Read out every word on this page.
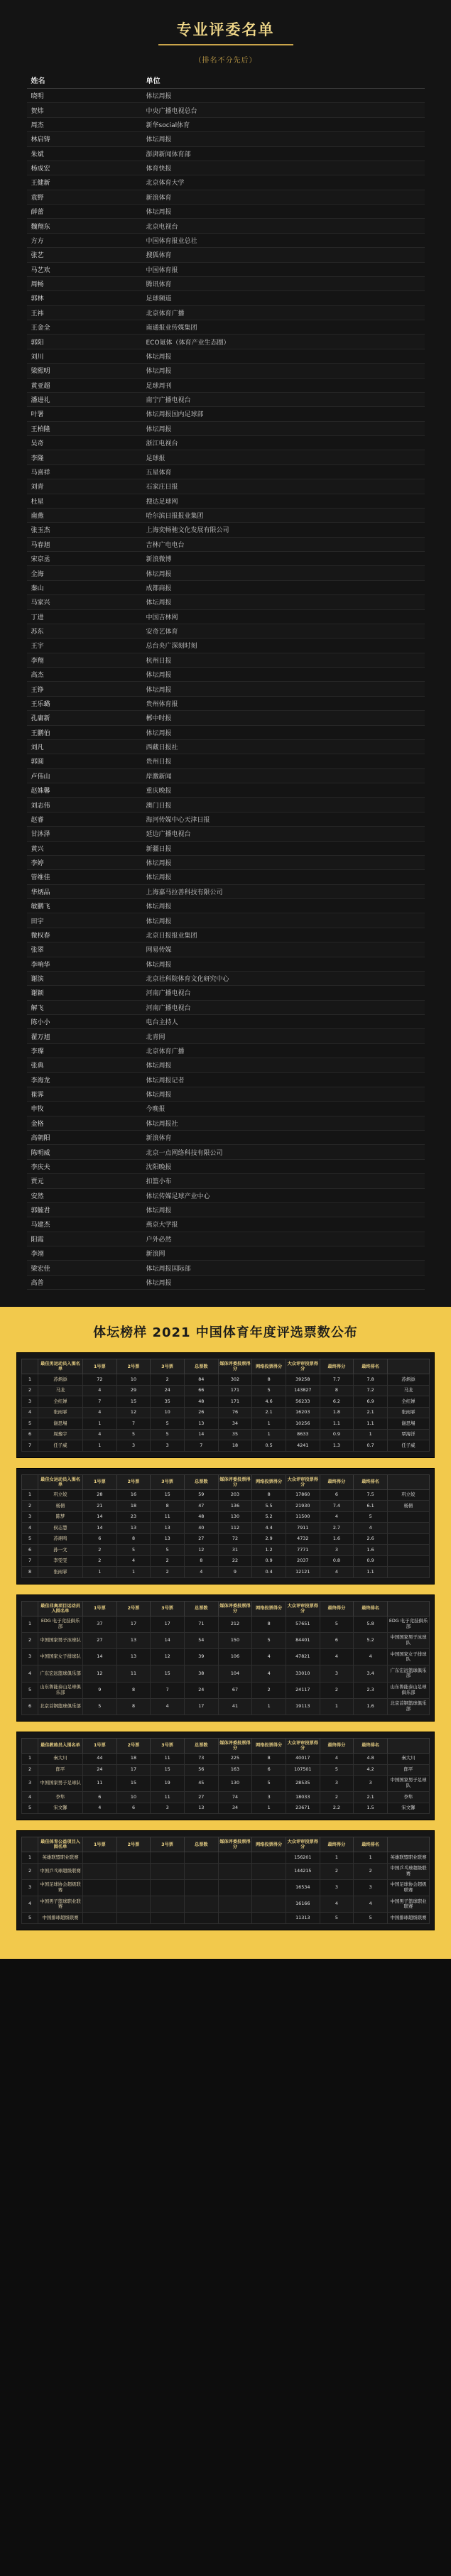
专业评委名单
（排名不分先后）
姓名	单位
晓明	体坛周报
贺炜	中央广播电视总台
周杰	新华social体育
林启铸	体坛周报
朱斌	澎湃新闻体育部
杨成宏	体育快报
王健新	北京体育大学
袁野	新浪体育
薛蕾	体坛周报
魏翔东	北京电视台
方方	中国体育报业总社
张艺	搜狐体育
马艺欢	中国体育报
周畅	腾讯体育
郭林	足球频道
王祎	北京体育广播
王金全	南通报业传媒集团
郭阳	ECO氪体（体育产业生态圈）
刘川	体坛周报
梁熙明	体坛周报
黄亚超	足球周刊
潘进礼	南宁广播电视台
叶署	体坛周报国内足球部
王柏隆	体坛周报
吴奇	浙江电视台
李隆	足球报
马喜祥	五星体育
刘青	石家庄日报
杜星	搜达足球网
南燕	哈尔滨日报报业集团
张玉杰	上海奕畅驰文化发展有限公司
马春旭	吉林广电电台
宋京丞	新浪微博
全海	体坛周报
秦山	成都商报
马家兴	体坛周报
丁进	中国吉林网
苏东	安奇艺体育
王宇	总台央广深刻时刻
李翔	杭州日报
高杰	体坛周报
王铮	体坛周报
王乐璐	贵州体育报
孔庸新	郴中时报
王鹏伯	体坛周报
刘凡	西藏日报社
郭圆	贵州日报
卢伟山	岸激新闻
赵姝馨	重庆晚报
刘志伟	澳门日报
赵睿	海河传媒中心天津日报
甘沐泽	延边广播电视台
黄兴	新疆日报
李婷	体坛周报
管维佳	体坛周报
华炳品	上海嘉马拉善科技有限公司
敏鹏飞	体坛周报
田宇	体坛周报
微权春	北京日报报业集团
张翠	网易传媒
李响华	体坛周报
谢滨	北京社科院体育文化研究中心
谢颖	河南广播电视台
解飞	河南广播电视台
陈小小	电台主持人
翟万旭	北青网
李璨	北京体育广播
张典	体坛周报
李海龙	体坛周报记者
崔霁	体坛周报
申牧	今晚报
金格	体坛周报社
高朝阳	新浪体育
陈明威	北京一点网络科技有限公司
李庆夫	沈阳晚报
贾元	扣篮小布
安然	体坛传媒足球产业中心
郭毓君	体坛周报
马建杰	燕京大学报
阳霞	户外必然
李翊	新浪网
梁宏佳	体坛周报国际部
高普	体坛周报
体坛榜样 2021 中国体育年度评选票数公布
	最佳男运动员入围名单	1号票	2号票	3号票	总票数	媒体评委投票得分	网络投票得分	大众评审投票得分	最终得分	最终排名	
1	苏炳添	72	10	2	84	302	8	39258	7.7	7.8	苏炳添
2	马龙	4	29	24	66	171	5	143827	8	7.2	马龙
3	全红婵	7	15	35	48	171	4.6	56233	6.2	6.9	全红婵
4	张雨霏	4	12	10	26	76	2.1	16203	1.8	2.1	张雨霏
5	谢思埸	1	7	5	13	34	1	10256	1.1	1.1	谢思埸
6	周豫宇	4	5	5	14	35	1	8633	0.9	1	覃海洋
7	任子威	1	3	3	7	18	0.5	4241	1.3	0.7	任子威
	最佳女运动员入围名单	1号票	2号票	3号票	总票数	媒体评委投票得分	网络投票得分	大众评审投票得分	最终得分	最终排名	
1	巩立姣	28	16	15	59	203	8	17860	6	7.5	巩立姣
2	杨倩	21	18	8	47	136	5.5	21930	7.4	6.1	杨倩
3	陈梦	14	23	11	48	130	5.2	11500	4	5	
4	侯志慧	14	13	13	40	112	4.4	7911	2.7	4	
5	苏翊鸣	6	8	13	27	72	2.9	4732	1.6	2.6	
6	孙一文	2	5	5	12	31	1.2	7771	3	1.6	
7	李雯雯	2	4	2	8	22	0.9	2037	0.8	0.9	
8	张雨霏	1	1	2	4	9	0.4	12121	4	1.1	
	最佳非奥项目运动员入围名单	1号票	2号票	3号票	总票数	媒体评委投票得分	网络投票得分	大众评审投票得分	最终得分	最终排名	
1	EDG 电子竞技俱乐部	37	17	17	71	212	8	57651	5	5.8	EDG 电子竞技俱乐部
2	中国国家男子冰球队	27	13	14	54	150	5	84401	6	5.2	中国国家男子冰球队
3	中国国家女子排球队	14	13	12	39	106	4	47821	4	4	中国国家女子排球队
4	广东宏远篮球俱乐部	12	11	15	38	104	4	33010	3	3.4	广东宏远篮球俱乐部
5	山东鲁能泰山足球俱乐部	9	8	7	24	67	2	24117	2	2.3	山东鲁能泰山足球俱乐部
6	北京首钢篮球俱乐部	5	8	4	17	41	1	19113	1	1.6	北京首钢篮球俱乐部
	最佳教练员入围名单	1号票	2号票	3号票	总票数	媒体评委投票得分	网络投票得分	大众评审投票得分	最终得分	最终排名	
1	秦大川	44	18	11	73	225	8	40017	4	4.8	秦大川
2	郎平	24	17	15	56	163	6	107501	5	4.2	郎平
3	中国国家男子足球队	11	15	19	45	130	5	28535	3	3	中国国家男子足球队
4	李隼	6	10	11	27	74	3	18033	2	2.1	李隼
5	宋文馨	4	6	3	13	34	1	23671	2.2	1.5	宋文馨
	最佳体育公益项目入围名单	1号票	2号票	3号票	总票数	媒体评委投票得分	网络投票得分	大众评审投票得分	最终得分	最终排名	
1	英雄联盟职业联赛							156201	1	1	英雄联盟职业联赛
2	中国乒乓球超级联赛							144215	2	2	中国乒乓球超级联赛
3	中国足球协会超级联赛							16534	3	3	中国足球协会超级联赛
4	中国男子篮球职业联赛							16166	4	4	中国男子篮球职业联赛
5	中国排球超级联赛							11313	5	5	中国排球超级联赛
